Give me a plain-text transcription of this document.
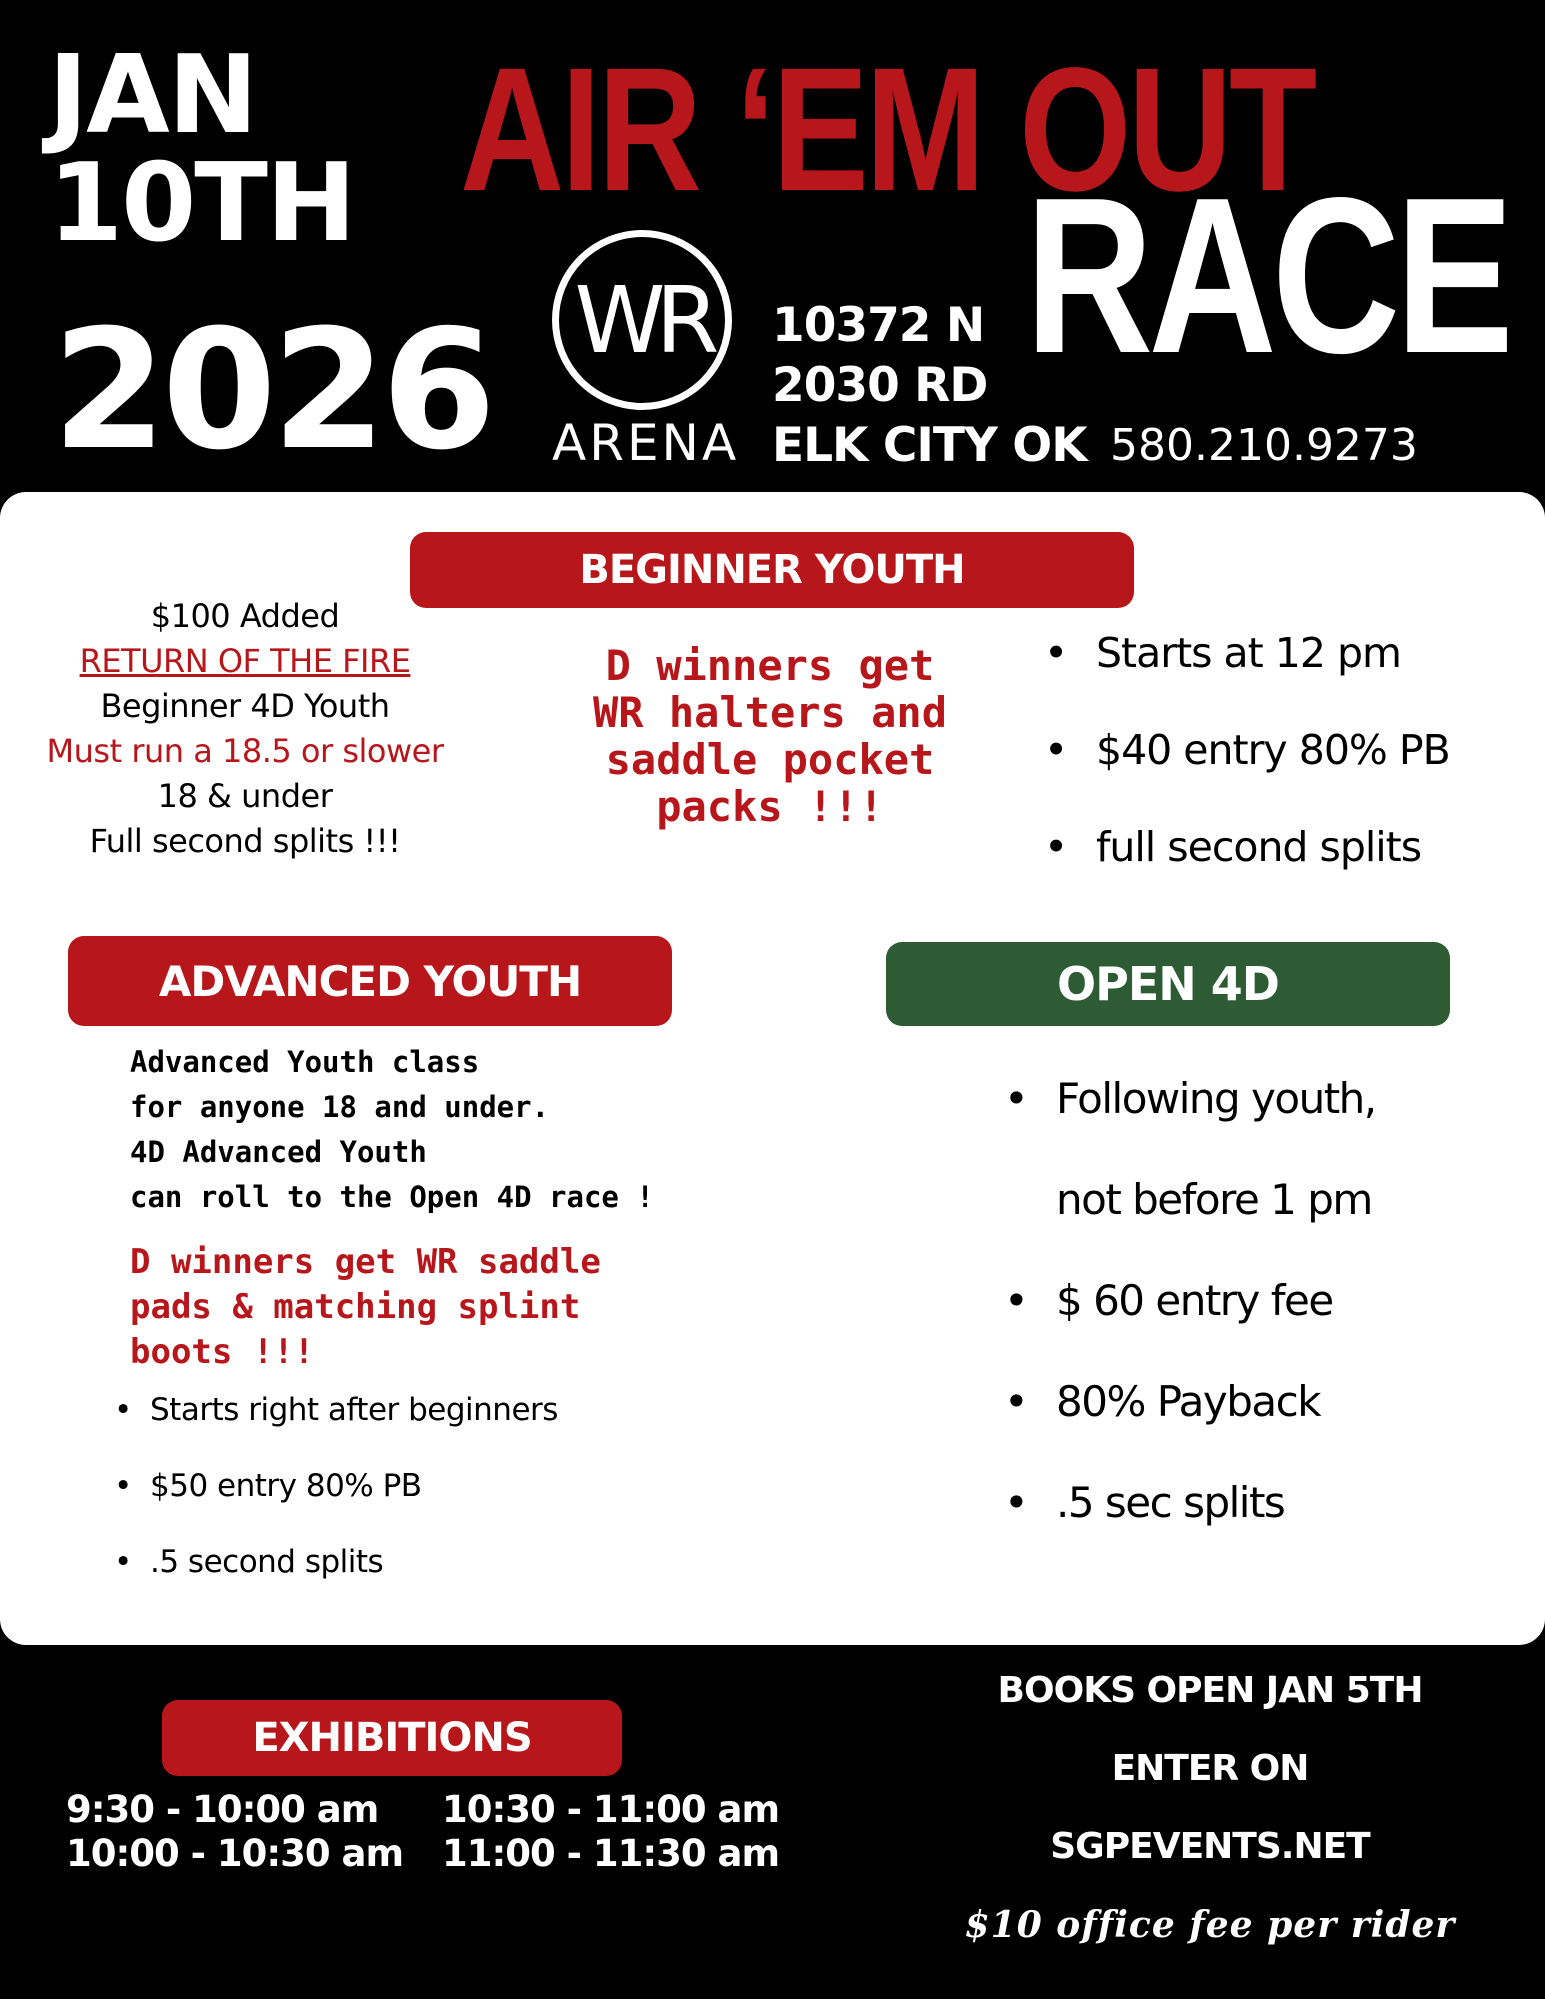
JAN
10TH
2026
AIR ‘EM OUT
RACE
WR
ARENA
10372 N
2030 RD
ELK CITY OK 580.210.9273
BEGINNER YOUTH
$100 Added
RETURN OF THE FIRE
Beginner 4D Youth
Must run a 18.5 or slower
18 & under
Full second splits !!!
D winners get
WR halters and
saddle pocket
packs !!!
• Starts at 12 pm
• $40 entry 80% PB
• full second splits
ADVANCED YOUTH
Advanced Youth class
for anyone 18 and under.
4D Advanced Youth
can roll to the Open 4D race !
D winners get WR saddle
pads & matching splint
boots !!!
• Starts right after beginners
• $50 entry 80% PB
• .5 second splits
OPEN 4D
• Following youth,
not before 1 pm
• $ 60 entry fee
• 80% Payback
• .5 sec splits
EXHIBITIONS
9:30 - 10:00 am
10:00 - 10:30 am
10:30 - 11:00 am
11:00 - 11:30 am
BOOKS OPEN JAN 5TH
ENTER ON
SGPEVENTS.NET
$10 office fee per rider
